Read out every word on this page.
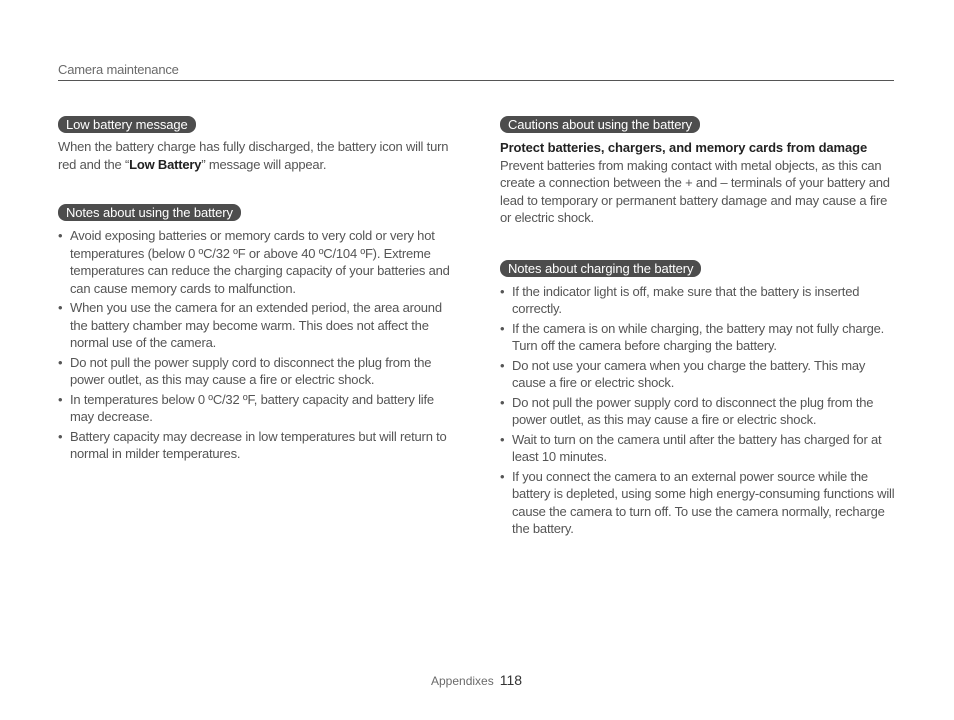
Camera maintenance
Low battery message

When the battery charge has fully discharged, the battery icon will turn red and the “Low Battery” message will appear.

Notes about using the battery
• Avoid exposing batteries or memory cards to very cold or very hot temperatures (below 0 ºC/32 ºF or above 40 ºC/104 ºF). Extreme temperatures can reduce the charging capacity of your batteries and can cause memory cards to malfunction.
• When you use the camera for an extended period, the area around the battery chamber may become warm. This does not affect the normal use of the camera.
• Do not pull the power supply cord to disconnect the plug from the power outlet, as this may cause a fire or electric shock.
• In temperatures below 0 ºC/32 ºF, battery capacity and battery life may decrease.
• Battery capacity may decrease in low temperatures but will return to normal in milder temperatures.
Cautions about using the battery

Protect batteries, chargers, and memory cards from damage

Prevent batteries from making contact with metal objects, as this can create a connection between the + and – terminals of your battery and lead to temporary or permanent battery damage and may cause a fire or electric shock.

Notes about charging the battery
• If the indicator light is off, make sure that the battery is inserted correctly.
• If the camera is on while charging, the battery may not fully charge. Turn off the camera before charging the battery.
• Do not use your camera when you charge the battery. This may cause a fire or electric shock.
• Do not pull the power supply cord to disconnect the plug from the power outlet, as this may cause a fire or electric shock.
• Wait to turn on the camera until after the battery has charged for at least 10 minutes.
• If you connect the camera to an external power source while the battery is depleted, using some high energy-consuming functions will cause the camera to turn off. To use the camera normally, recharge the battery.
Appendixes 118
